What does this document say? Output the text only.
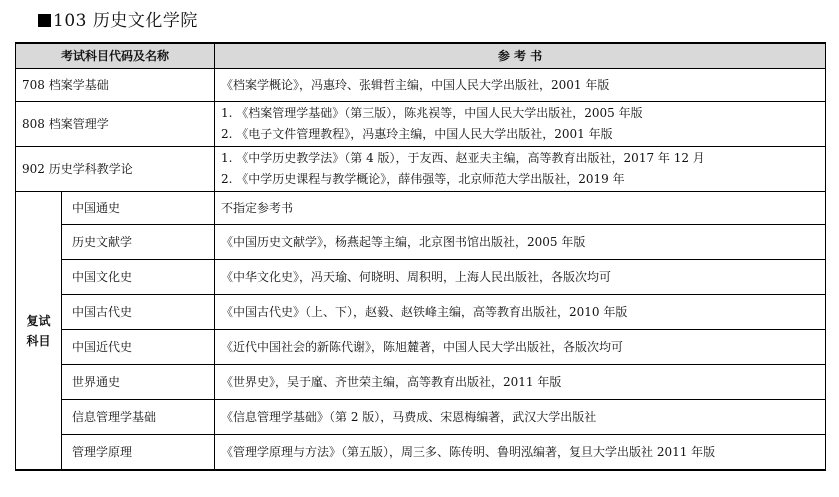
103 历史文化学院
考试科目代码及名称		参 考 书
708 档案学基础		《档案学概论》，冯惠玲、张辑哲主编，中国人民大学出版社，2001 年版

808 档案管理学		1. 《档案管理学基础》（第三版），陈兆祦等，中国人民大学出版社，2005 年版
2. 《电子文件管理教程》，冯惠玲主编，中国人民大学出版社，2001 年版

902 历史学科教学论		1. 《中学历史教学法》（第 4 版），于友西、赵亚夫主编，高等教育出版社，2017 年 12 月
2. 《中学历史课程与教学概论》，薛伟强等，北京师范大学出版社，2019 年

复试
科目	中国通史	不指定参考书
	历史文献学	《中国历史文献学》，杨燕起等主编，北京图书馆出版社，2005 年版
	中国文化史	《中华文化史》，冯天瑜、何晓明、周积明，上海人民出版社，各版次均可
	中国古代史	《中国古代史》（上、下），赵毅、赵铁峰主编，高等教育出版社，2010 年版
	中国近代史	《近代中国社会的新陈代谢》，陈旭麓著，中国人民大学出版社，各版次均可
	世界通史	《世界史》，吴于廑、齐世荣主编，高等教育出版社，2011 年版
	信息管理学基础	《信息管理学基础》（第 2 版），马费成、宋恩梅编著，武汉大学出版社
	管理学原理	《管理学原理与方法》（第五版），周三多、陈传明、鲁明泓编著，复旦大学出版社 2011 年版
